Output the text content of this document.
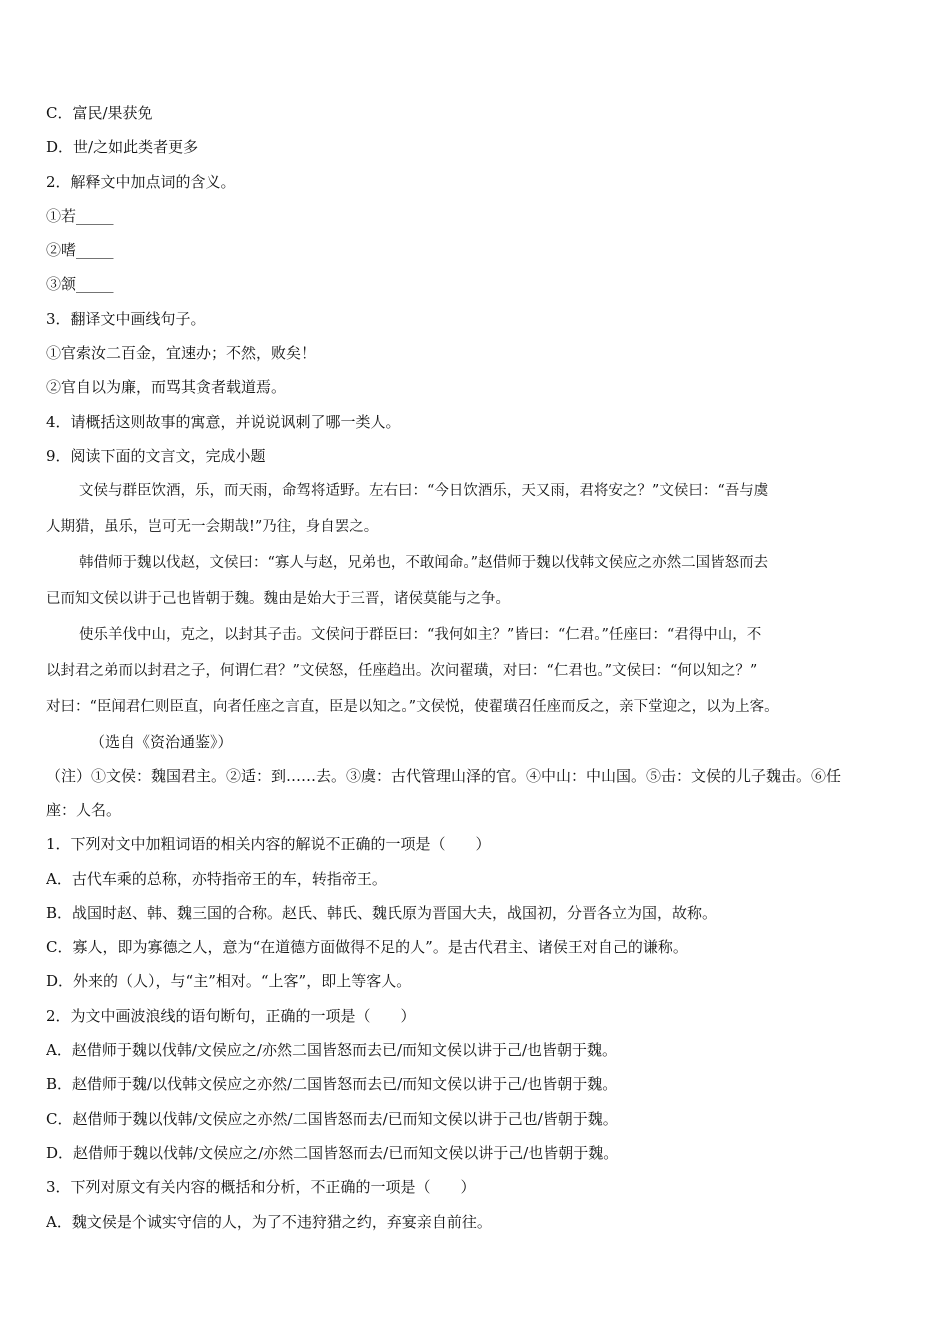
C．富民/果获免
D．世/之如此类者更多
2．解释文中加点词的含义。
①若_____
②嗜_____
③颔_____
3．翻译文中画线句子。
①官索汝二百金，宜速办；不然，败矣！
②官自以为廉，而骂其贪者载道焉。
4．请概括这则故事的寓意，并说说讽刺了哪一类人。
9．阅读下面的文言文，完成小题
文侯与群臣饮酒，乐，而天雨，命驾将适野。左右曰：“今日饮酒乐，天又雨，君将安之？”文侯曰：“吾与虞
人期猎，虽乐，岂可无一会期哉!”乃往，身自罢之。
韩借师于魏以伐赵，文侯曰：“寡人与赵，兄弟也，不敢闻命。”赵借师于魏以伐韩文侯应之亦然二国皆怒而去
已而知文侯以讲于己也皆朝于魏。魏由是始大于三晋，诸侯莫能与之争。
使乐羊伐中山，克之，以封其子击。文侯问于群臣曰：“我何如主？”皆曰：“仁君。”任座曰：“君得中山，不
以封君之弟而以封君之子，何谓仁君？”文侯怒，任座趋出。次问翟璜，对曰：“仁君也。”文侯曰：“何以知之？”
对曰：“臣闻君仁则臣直，向者任座之言直，臣是以知之。”文侯悦，使翟璜召任座而反之，亲下堂迎之，以为上客。
（选自《资治通鉴》）
（注）①文侯：魏国君主。②适：到……去。③虞：古代管理山泽的官。④中山：中山国。⑤击：文侯的儿子魏击。⑥任
座：人名。
1．下列对文中加粗词语的相关内容的解说不正确的一项是（　　）
A．古代车乘的总称，亦特指帝王的车，转指帝王。
B．战国时赵、韩、魏三国的合称。赵氏、韩氏、魏氏原为晋国大夫，战国初，分晋各立为国，故称。
C．寡人，即为寡德之人，意为“在道德方面做得不足的人”。是古代君主、诸侯王对自己的谦称。
D．外来的（人），与“主”相对。“上客”，即上等客人。
2．为文中画波浪线的语句断句，正确的一项是（　　）
A．赵借师于魏以伐韩/文侯应之/亦然二国皆怒而去已/而知文侯以讲于己/也皆朝于魏。
B．赵借师于魏/以伐韩文侯应之亦然/二国皆怒而去已/而知文侯以讲于己/也皆朝于魏。
C．赵借师于魏以伐韩/文侯应之亦然/二国皆怒而去/已而知文侯以讲于己也/皆朝于魏。
D．赵借师于魏以伐韩/文侯应之/亦然二国皆怒而去/已而知文侯以讲于己/也皆朝于魏。
3．下列对原文有关内容的概括和分析，不正确的一项是（　　）
A．魏文侯是个诚实守信的人，为了不违狩猎之约，弃宴亲自前往。
